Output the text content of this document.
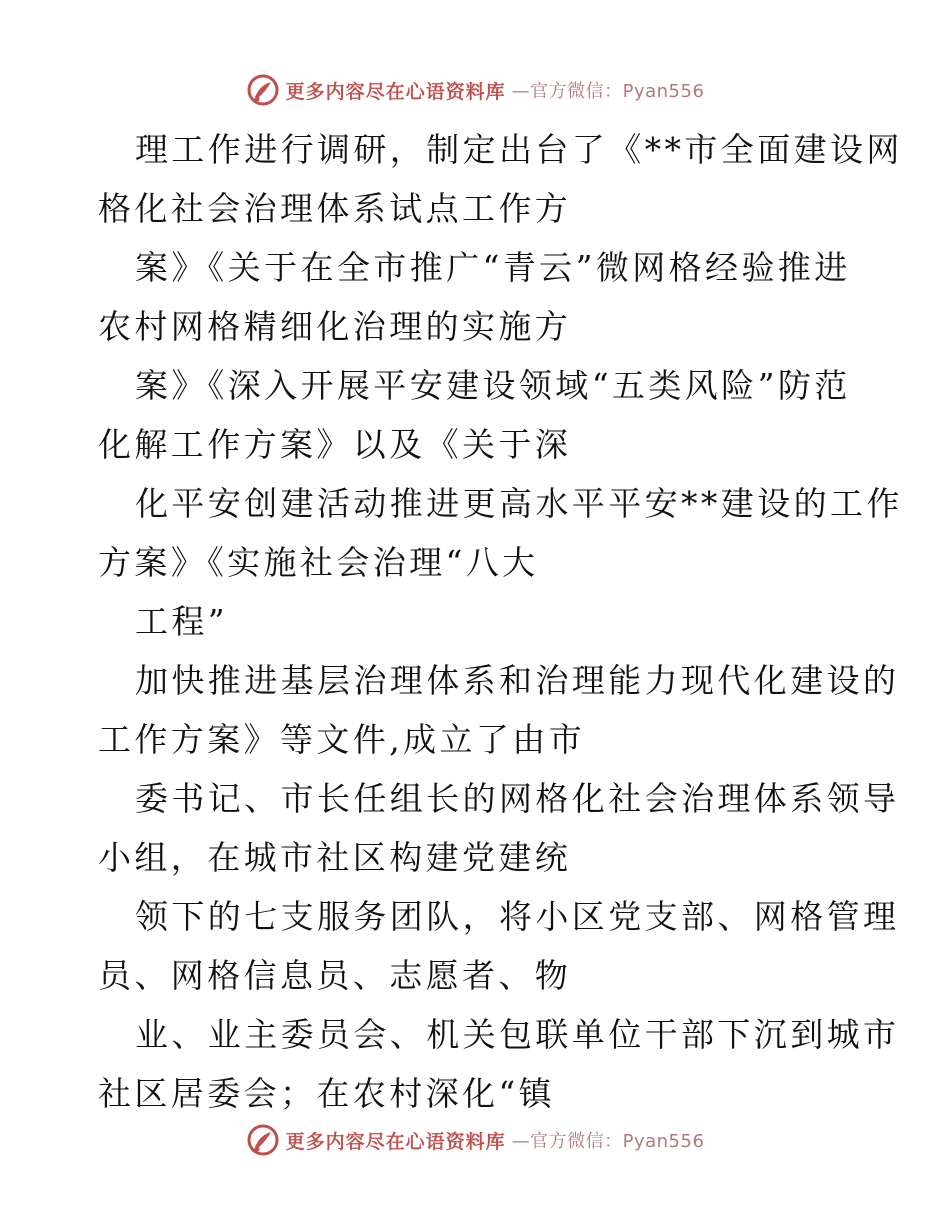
更多内容尽在心语资料库 —官方微信：Pyan556
理工作进行调研，制定出台了《**市全面建设网
格化社会治理体系试点工作方
案》《关于在全市推广“青云”微网格经验推进
农村网格精细化治理的实施方
案》《深入开展平安建设领域“五类风险”防范
化解工作方案》以及《关于深
化平安创建活动推进更高水平平安**建设的工作
方案》《实施社会治理“八大
工程”
加快推进基层治理体系和治理能力现代化建设的
工作方案》等文件,成立了由市
委书记、市长任组长的网格化社会治理体系领导
小组，在城市社区构建党建统
领下的七支服务团队，将小区党支部、网格管理
员、网格信息员、志愿者、物
业、业主委员会、机关包联单位干部下沉到城市
社区居委会；在农村深化“镇
更多内容尽在心语资料库 —官方微信：Pyan556
